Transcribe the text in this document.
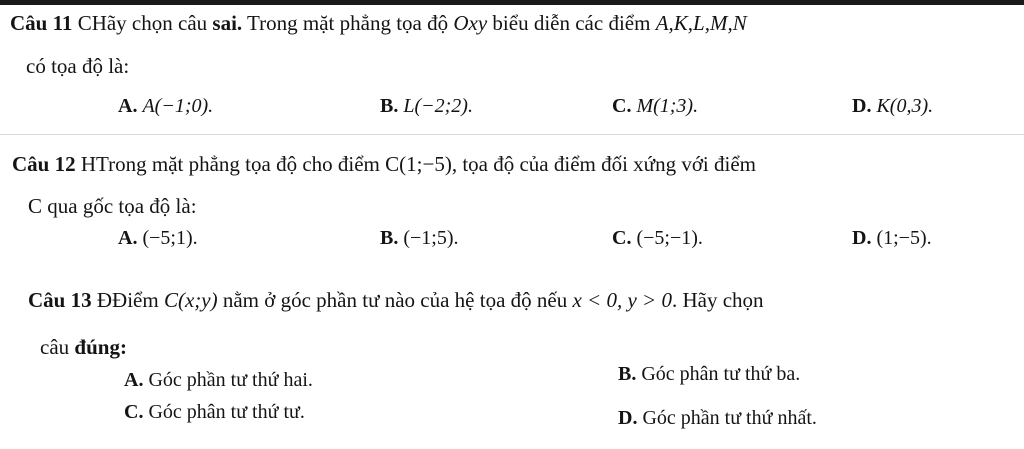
Câu 11 CHãy chọn câu sai. Trong mặt phẳng tọa độ Oxy biểu diễn các điểm A,K,L,M,N
có tọa độ là:
A. A(−1;0).	B. L(−2;2).	C. M(1;3).	D. K(0,3).
Câu 12 HTrong mặt phẳng tọa độ cho điểm C(1;−5), tọa độ của điểm đối xứng với điểm
C qua gốc tọa độ là:
A. (−5;1).	B. (−1;5).	C. (−5;−1).	D. (1;−5).
Câu 13 ĐĐiểm C(x;y) nằm ở góc phần tư nào của hệ tọa độ nếu x < 0, y > 0. Hãy chọn
câu đúng:
A. Góc phần tư thứ hai.	B. Góc phân tư thứ ba.
C. Góc phân tư thứ tư.	D. Góc phần tư thứ nhất.
